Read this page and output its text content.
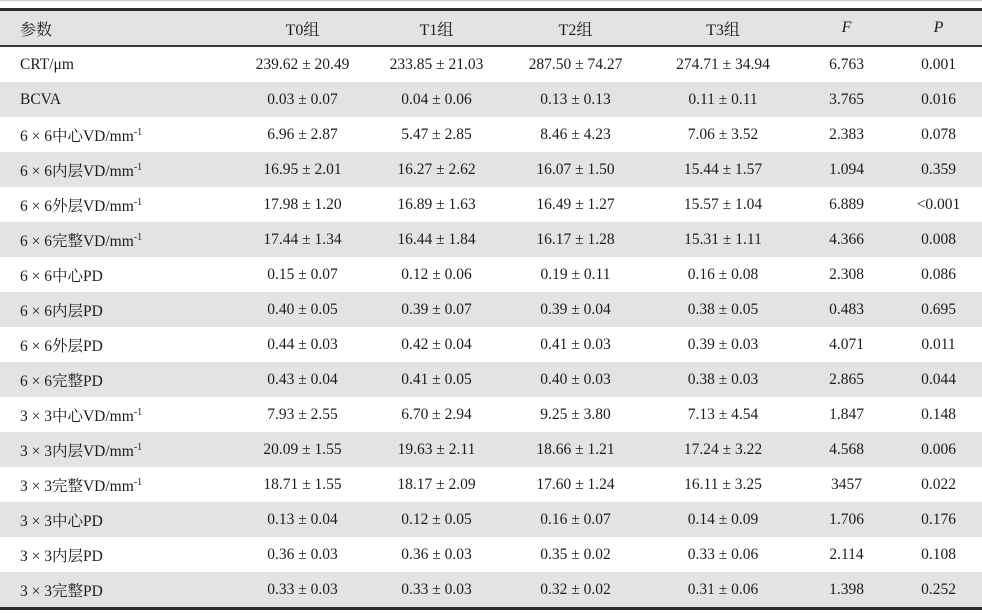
参数	T0组	T1组	T2组	T3组	F	P
CRT/μm	239.62 ± 20.49	233.85 ± 21.03	287.50 ± 74.27	274.71 ± 34.94	6.763	0.001
BCVA	0.03 ± 0.07	0.04 ± 0.06	0.13 ± 0.13	0.11 ± 0.11	3.765	0.016
6 × 6中心$VD/mm^{-1}$	6.96 ± 2.87	5.47 ± 2.85	8.46 ± 4.23	7.06 ± 3.52	2.383	0.078
6 × 6内层$VD/mm^{-1}$	16.95 ± 2.01	16.27 ± 2.62	16.07 ± 1.50	15.44 ± 1.57	1.094	0.359
6 × 6外层$VD/mm^{-1}$	17.98 ± 1.20	16.89 ± 1.63	16.49 ± 1.27	15.57 ± 1.04	6.889	<0.001
6 × 6完整$VD/mm^{-1}$	17.44 ± 1.34	16.44 ± 1.84	16.17 ± 1.28	15.31 ± 1.11	4.366	0.008
6 × 6中心PD	0.15 ± 0.07	0.12 ± 0.06	0.19 ± 0.11	0.16 ± 0.08	2.308	0.086
6 × 6内层PD	0.40 ± 0.05	0.39 ± 0.07	0.39 ± 0.04	0.38 ± 0.05	0.483	0.695
6 × 6外层PD	0.44 ± 0.03	0.42 ± 0.04	0.41 ± 0.03	0.39 ± 0.03	4.071	0.011
6 × 6完整PD	0.43 ± 0.04	0.41 ± 0.05	0.40 ± 0.03	0.38 ± 0.03	2.865	0.044
3 × 3中心$VD/mm^{-1}$	7.93 ± 2.55	6.70 ± 2.94	9.25 ± 3.80	7.13 ± 4.54	1.847	0.148
3 × 3内层$VD/mm^{-1}$	20.09 ± 1.55	19.63 ± 2.11	18.66 ± 1.21	17.24 ± 3.22	4.568	0.006
3 × 3完整$VD/mm^{-1}$	18.71 ± 1.55	18.17 ± 2.09	17.60 ± 1.24	16.11 ± 3.25	3457	0.022
3 × 3中心PD	0.13 ± 0.04	0.12 ± 0.05	0.16 ± 0.07	0.14 ± 0.09	1.706	0.176
3 × 3内层PD	0.36 ± 0.03	0.36 ± 0.03	0.35 ± 0.02	0.33 ± 0.06	2.114	0.108
3 × 3完整PD	0.33 ± 0.03	0.33 ± 0.03	0.32 ± 0.02	0.31 ± 0.06	1.398	0.252
